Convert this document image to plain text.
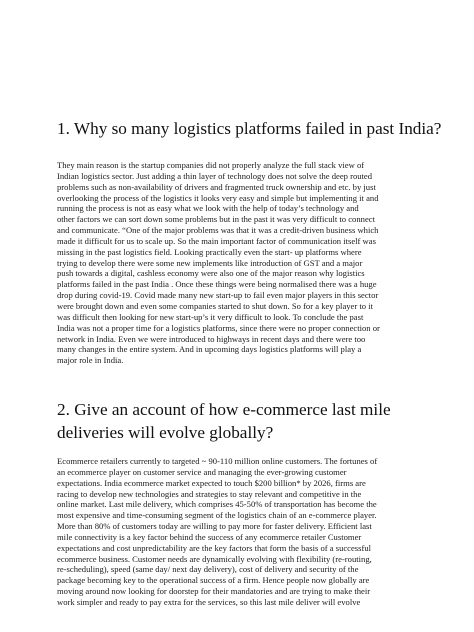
1. Why so many logistics platforms failed in past India?

They main reason is the startup companies did not properly analyze the full stack view of
Indian logistics sector. Just adding a thin layer of technology does not solve the deep routed
problems such as non-availability of drivers and fragmented truck ownership and etc. by just
overlooking the process of the logistics it looks very easy and simple but implementing it and
running the process is not as easy what we look with the help of today’s technology and
other factors we can sort down some problems but in the past it was very difficult to connect
and communicate. “One of the major problems was that it was a credit-driven business which
made it difficult for us to scale up. So the main important factor of communication itself was
missing in the past logistics field. Looking practically even the start- up platforms where
trying to develop there were some new implements like introduction of GST and a major
push towards a digital, cashless economy were also one of the major reason why logistics
platforms failed in the past India . Once these things were being normalised there was a huge
drop during covid-19. Covid made many new start-up to fail even major players in this sector
were brought down and even some companies started to shut down. So for a key player to it
was difficult then looking for new start-up’s it very difficult to look. To conclude the past
India was not a proper time for a logistics platforms, since there were no proper connection or
network in India. Even we were introduced to highways in recent days and there were too
many changes in the entire system. And in upcoming days logistics platforms will play a
major role in India.

2. Give an account of how e-commerce last mile
deliveries will evolve globally?

Ecommerce retailers currently to targeted ~ 90-110 million online customers. The fortunes of
an ecommerce player on customer service and managing the ever-growing customer
expectations. India ecommerce market expected to touch $200 billion* by 2026, firms are
racing to develop new technologies and strategies to stay relevant and competitive in the
online market. Last mile delivery, which comprises 45-50% of transportation has become the
most expensive and time-consuming segment of the logistics chain of an e-commerce player.
More than 80% of customers today are willing to pay more for faster delivery. Efficient last
mile connectivity is a key factor behind the success of any ecommerce retailer Customer
expectations and cost unpredictability are the key factors that form the basis of a successful
ecommerce business. Customer needs are dynamically evolving with flexibility (re-routing,
re-scheduling), speed (same day/ next day delivery), cost of delivery and security of the
package becoming key to the operational success of a firm. Hence people now globally are
moving around now looking for doorstep for their mandatories and are trying to make their
work simpler and ready to pay extra for the services, so this last mile deliver will evolve
